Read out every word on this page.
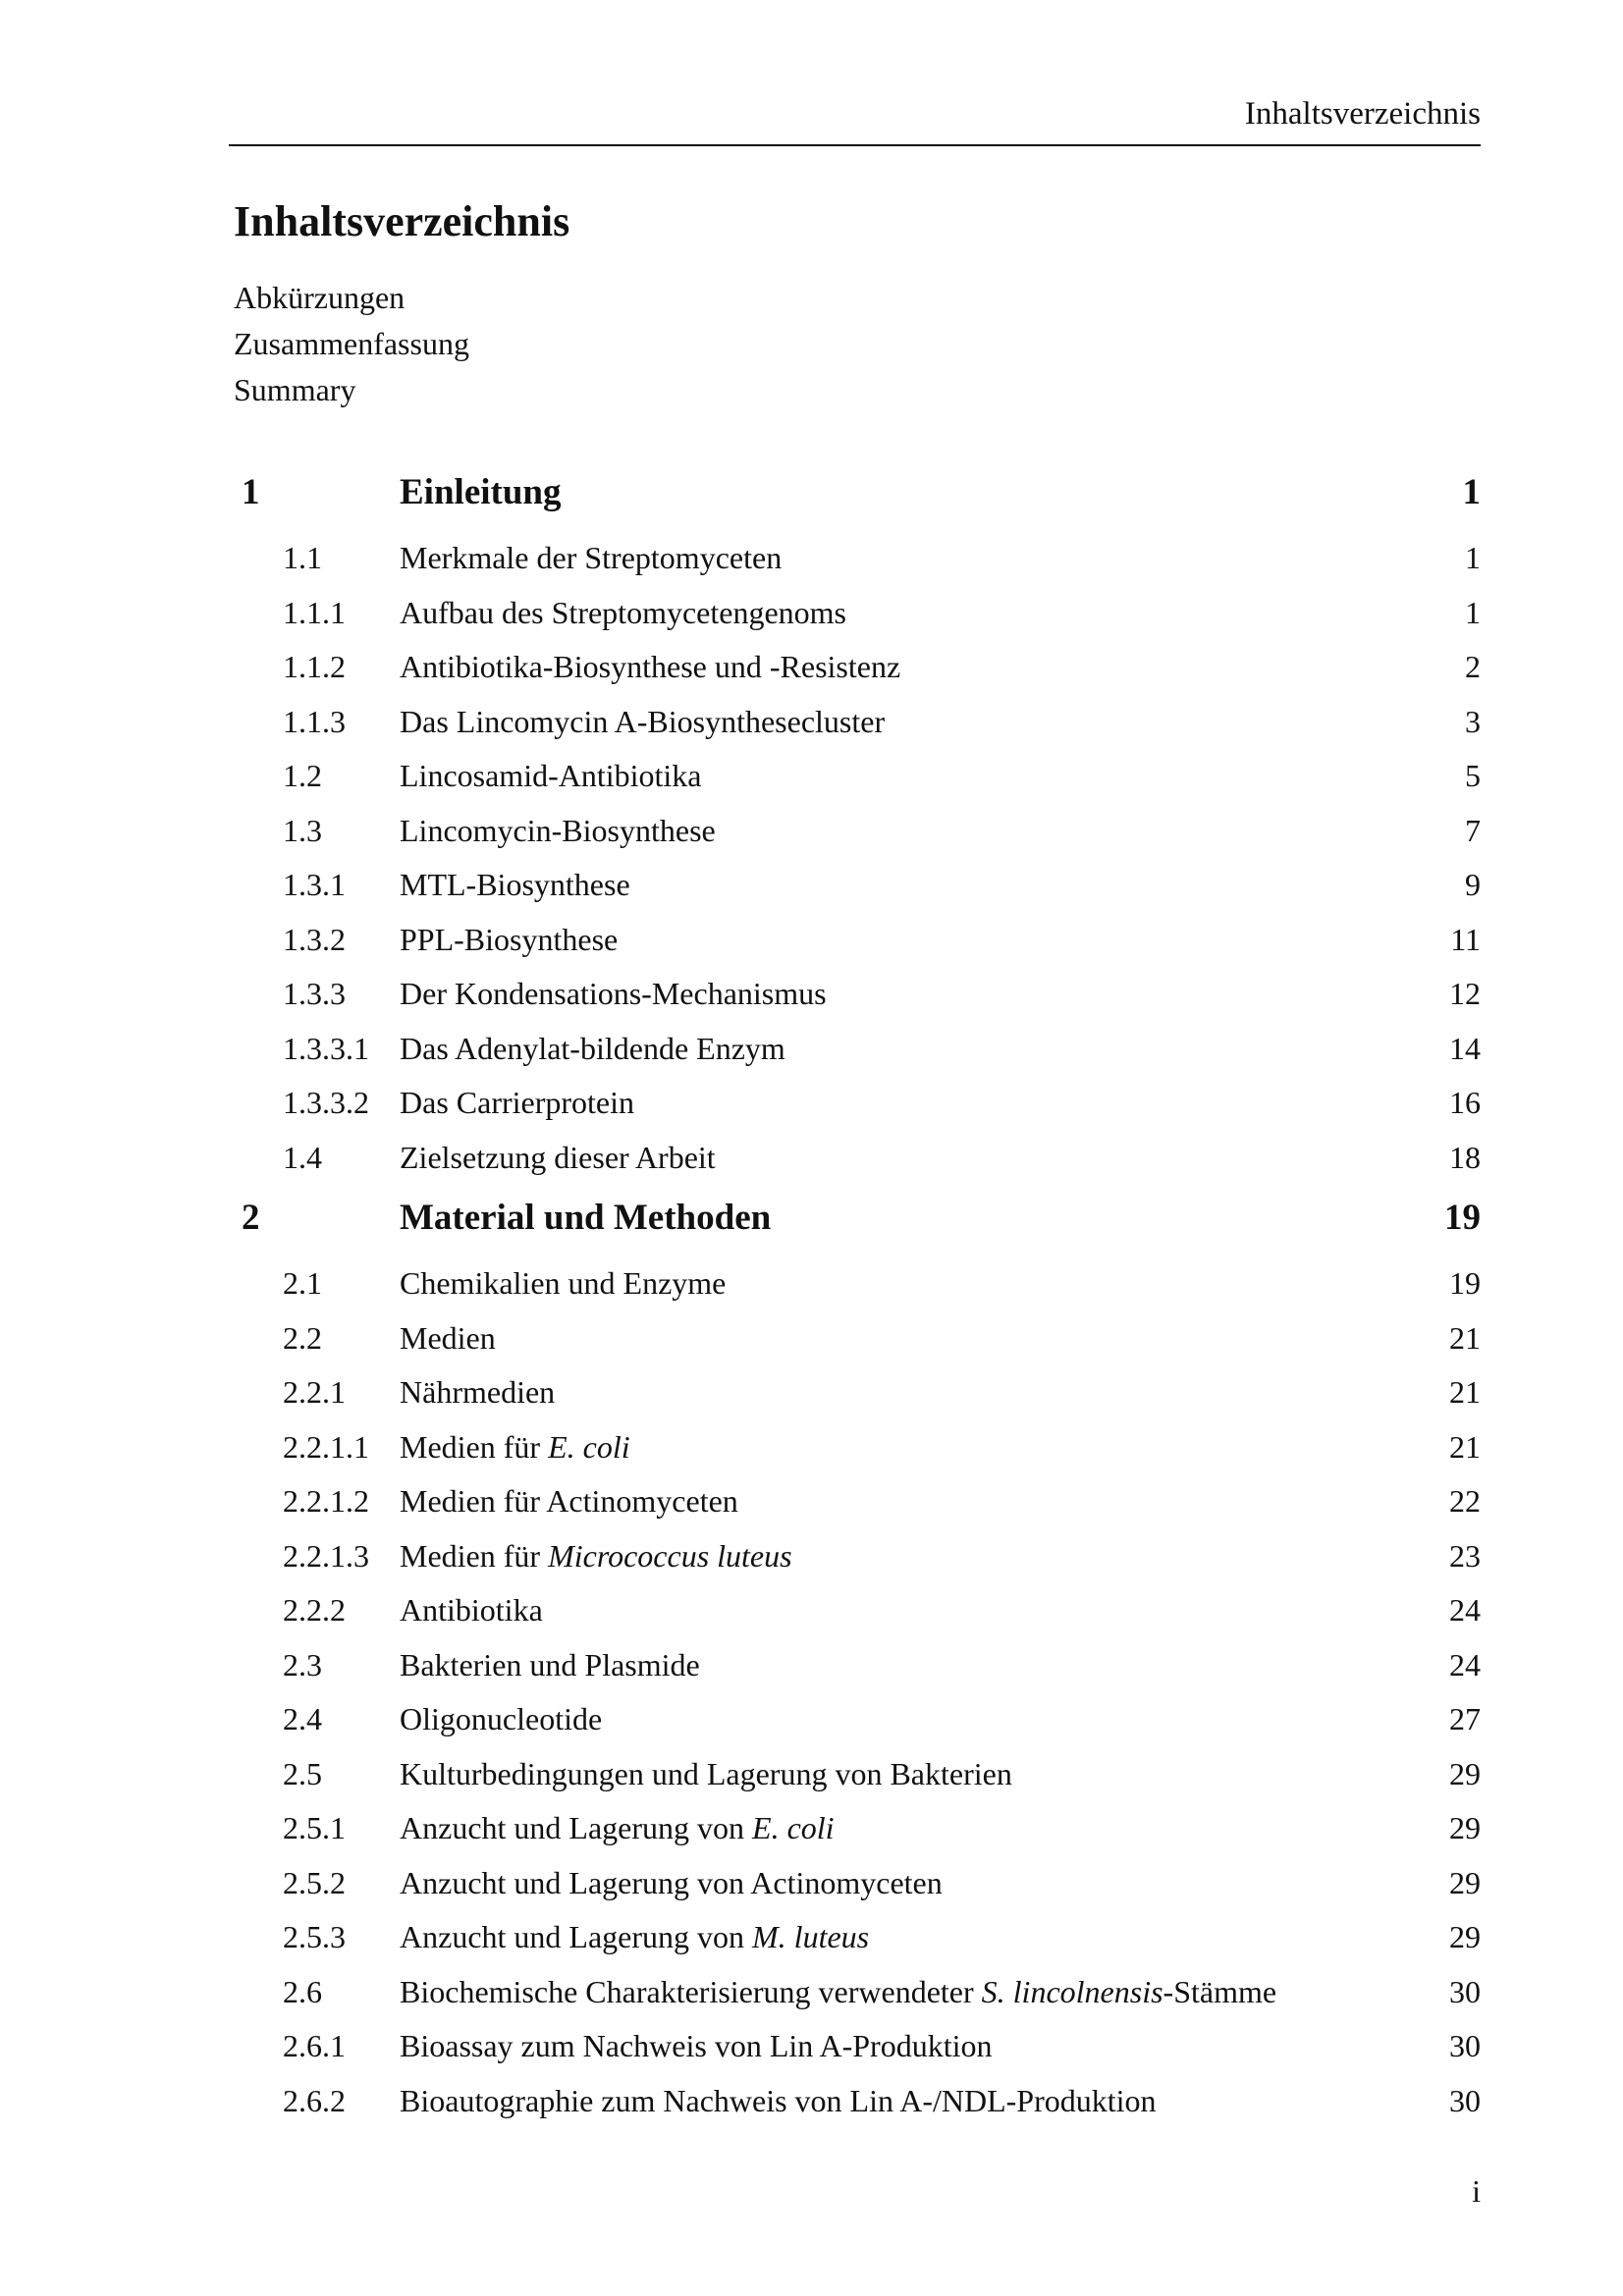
Inhaltsverzeichnis
Inhaltsverzeichnis
Abkürzungen
Zusammenfassung
Summary
1	Einleitung	1
1.1 Merkmale der Streptomyceten	1
1.1.1 Aufbau des Streptomycetengenoms	1
1.1.2 Antibiotika-Biosynthese und -Resistenz	2
1.1.3 Das Lincomycin A-Biosynthesecluster	3
1.2 Lincosamid-Antibiotika	5
1.3 Lincomycin-Biosynthese	7
1.3.1 MTL-Biosynthese	9
1.3.2 PPL-Biosynthese	11
1.3.3 Der Kondensations-Mechanismus	12
1.3.3.1 Das Adenylat-bildende Enzym	14
1.3.3.2 Das Carrierprotein	16
1.4 Zielsetzung dieser Arbeit	18
2	Material und Methoden	19
2.1 Chemikalien und Enzyme	19
2.2 Medien	21
2.2.1 Nährmedien	21
2.2.1.1 Medien für E. coli	21
2.2.1.2 Medien für Actinomyceten	22
2.2.1.3 Medien für Micrococcus luteus	23
2.2.2 Antibiotika	24
2.3 Bakterien und Plasmide	24
2.4 Oligonucleotide	27
2.5 Kulturbedingungen und Lagerung von Bakterien	29
2.5.1 Anzucht und Lagerung von E. coli	29
2.5.2 Anzucht und Lagerung von Actinomyceten	29
2.5.3 Anzucht und Lagerung von M. luteus	29
2.6 Biochemische Charakterisierung verwendeter S. lincolnensis-Stämme	30
2.6.1 Bioassay zum Nachweis von Lin A-Produktion	30
2.6.2 Bioautographie zum Nachweis von Lin A-/NDL-Produktion	30
i
